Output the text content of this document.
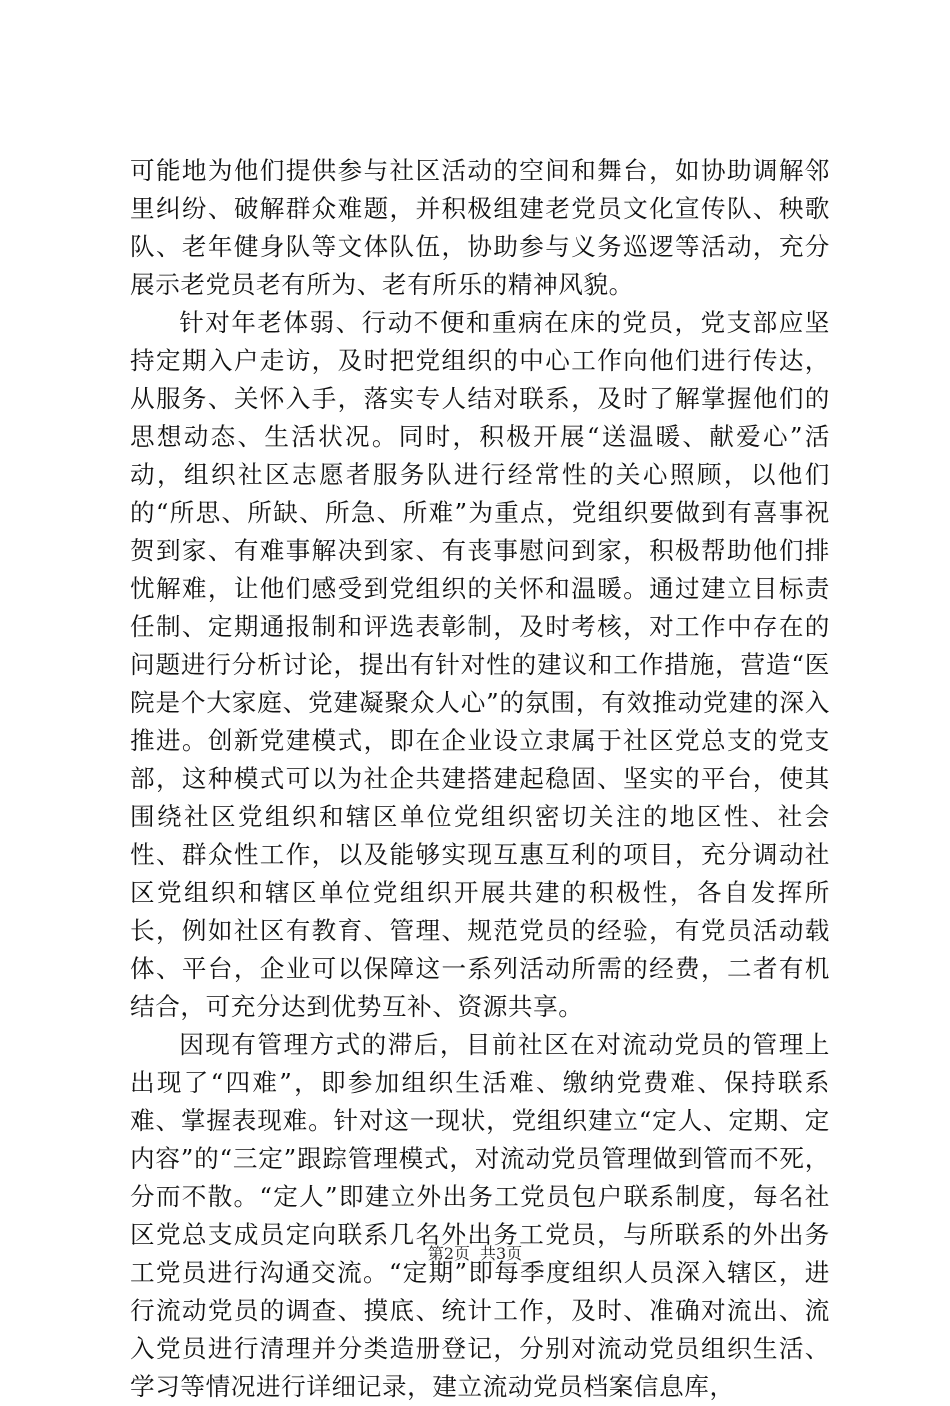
可能地为他们提供参与社区活动的空间和舞台，如协助调解邻里纠纷、破解群众难题，并积极组建老党员文化宣传队、秧歌队、老年健身队等文体队伍，协助参与义务巡逻等活动，充分展示老党员老有所为、老有所乐的精神风貌。

针对年老体弱、行动不便和重病在床的党员，党支部应坚持定期入户走访，及时把党组织的中心工作向他们进行传达，从服务、关怀入手，落实专人结对联系，及时了解掌握他们的思想动态、生活状况。同时，积极开展“送温暖、献爱心”活动，组织社区志愿者服务队进行经常性的关心照顾，以他们的“所思、所缺、所急、所难”为重点，党组织要做到有喜事祝贺到家、有难事解决到家、有丧事慰问到家，积极帮助他们排忧解难，让他们感受到党组织的关怀和温暖。通过建立目标责任制、定期通报制和评选表彰制，及时考核，对工作中存在的问题进行分析讨论，提出有针对性的建议和工作措施，营造“医院是个大家庭、党建凝聚众人心”的氛围，有效推动党建的深入推进。创新党建模式，即在企业设立隶属于社区党总支的党支部，这种模式可以为社企共建搭建起稳固、坚实的平台，使其围绕社区党组织和辖区单位党组织密切关注的地区性、社会性、群众性工作，以及能够实现互惠互利的项目，充分调动社区党组织和辖区单位党组织开展共建的积极性，各自发挥所长，例如社区有教育、管理、规范党员的经验，有党员活动载体、平台，企业可以保障这一系列活动所需的经费，二者有机结合，可充分达到优势互补、资源共享。

因现有管理方式的滞后，目前社区在对流动党员的管理上出现了“四难”，即参加组织生活难、缴纳党费难、保持联系难、掌握表现难。针对这一现状，党组织建立“定人、定期、定内容”的“三定”跟踪管理模式，对流动党员管理做到管而不死，分而不散。“定人”即建立外出务工党员包户联系制度，每名社区党总支成员定向联系几名外出务工党员，与所联系的外出务工党员进行沟通交流。“定期”即每季度组织人员深入辖区，进行流动党员的调查、摸底、统计工作，及时、准确对流出、流入党员进行清理并分类造册登记，分别对流动党员组织生活、学习等情况进行详细记录，建立流动党员档案信息库，

第2页 共3页
